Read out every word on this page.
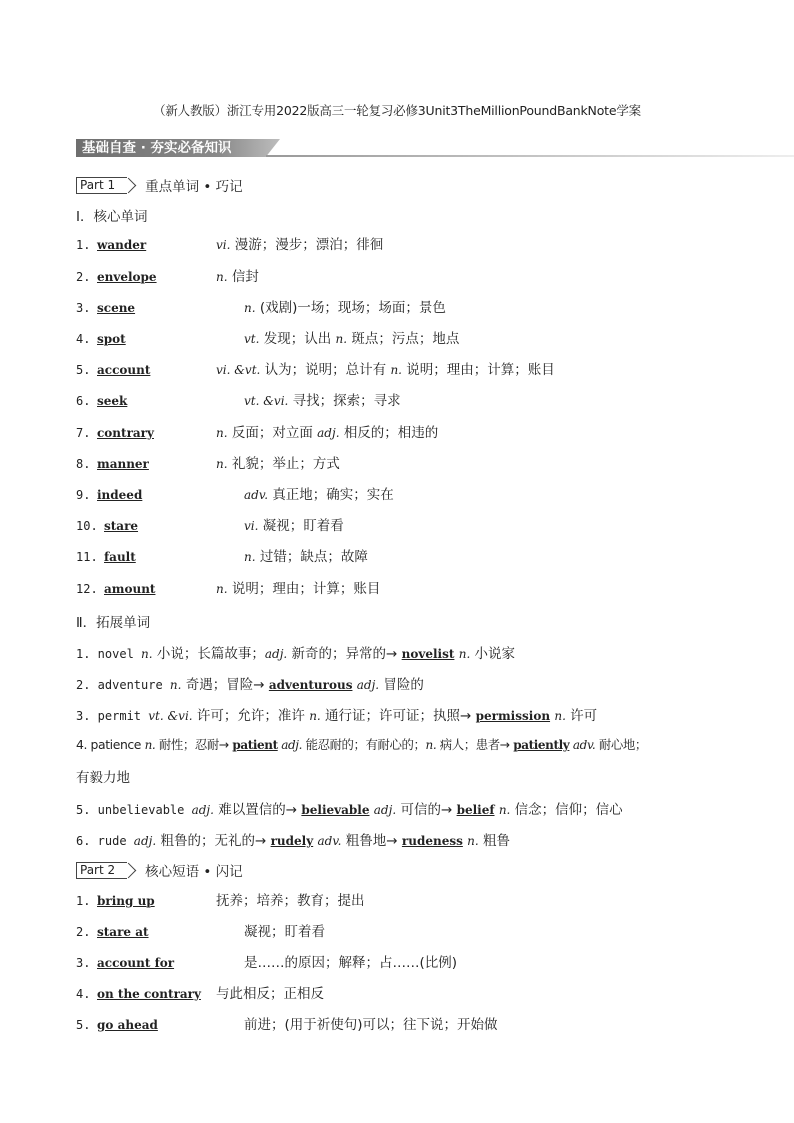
（新人教版）浙江专用2022版高三一轮复习必修3Unit3TheMillionPoundBankNote学案
基础自查 · 夯实必备知识
Part 1	重点单词 • 巧记
Ⅰ．核心单词
1. wander	vi. 漫游；漫步；漂泊；徘徊
2. envelope	n. 信封
3. scene	n. (戏剧)一场；现场；场面；景色
4. spot	vt. 发现；认出 n. 斑点；污点；地点
5. account	vi. &vt. 认为；说明；总计有 n. 说明；理由；计算；账目
6. seek	vt. &vi. 寻找；探索；寻求
7. contrary	n. 反面；对立面 adj. 相反的；相违的
8. manner	n. 礼貌；举止；方式
9. indeed	adv. 真正地；确实；实在
10. stare	vi. 凝视；盯着看
11. fault	n. 过错；缺点；故障
12. amount	n. 说明；理由；计算；账目
Ⅱ．拓展单词
1. novel n. 小说；长篇故事；adj. 新奇的；异常的→ novelist n. 小说家
2. adventure n. 奇遇；冒险→ adventurous adj. 冒险的
3. permit vt. &vi. 许可；允许；准许 n. 通行证；许可证；执照→ permission n. 许可
4. patience n. 耐性；忍耐→ patient adj. 能忍耐的；有耐心的；n. 病人；患者→ patiently adv. 耐心地；
有毅力地
5. unbelievable adj. 难以置信的→ believable adj. 可信的→ belief n. 信念；信仰；信心
6. rude adj. 粗鲁的；无礼的→ rudely adv. 粗鲁地→ rudeness n. 粗鲁
Part 2	核心短语 • 闪记
1. bring up	抚养；培养；教育；提出
2. stare at	凝视；盯着看
3. account for	是……的原因；解释；占……(比例)
4. on the contrary 与此相反；正相反
5. go ahead	前进；(用于祈使句)可以；往下说；开始做
